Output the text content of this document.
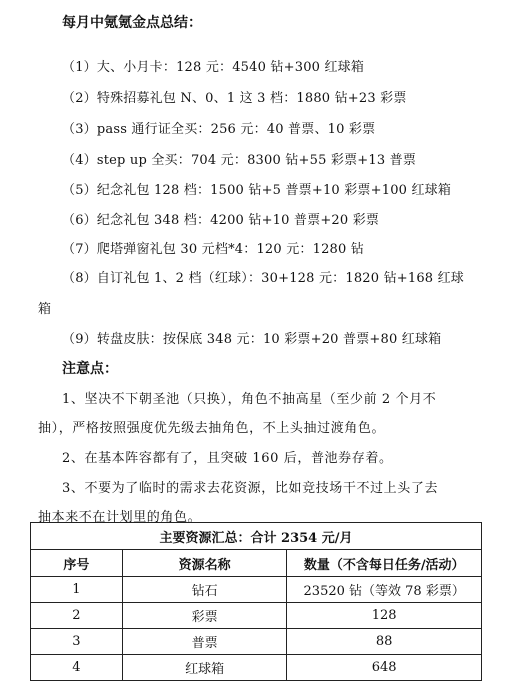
每月中氪氪金点总结：
（1）大、小月卡：128 元：4540 钻+300 红球箱
（2）特殊招募礼包 N、0、1 这 3 档：1880 钻+23 彩票
（3）pass 通行证全买：256 元：40 普票、10 彩票
（4）step up 全买：704 元：8300 钻+55 彩票+13 普票
（5）纪念礼包 128 档：1500 钻+5 普票+10 彩票+100 红球箱
（6）纪念礼包 348 档：4200 钻+10 普票+20 彩票
（7）爬塔弹窗礼包 30 元档*4：120 元：1280 钻
（8）自订礼包 1、2 档（红球）：30+128 元：1820 钻+168 红球
箱
（9）转盘皮肤：按保底 348 元：10 彩票+20 普票+80 红球箱
注意点：
1、坚决不下朝圣池（只换），角色不抽高星（至少前 2 个月不
抽），严格按照强度优先级去抽角色，不上头抽过渡角色。
2、在基本阵容都有了，且突破 160 后，普池券存着。
3、不要为了临时的需求去花资源，比如竞技场干不过上头了去
抽本来不在计划里的角色。
主要资源汇总：合计 2354 元/月		
序号	资源名称	数量（不含每日任务/活动）
1	钻石	23520 钻（等效 78 彩票）
2	彩票	128
3	普票	88
4	红球箱	648
